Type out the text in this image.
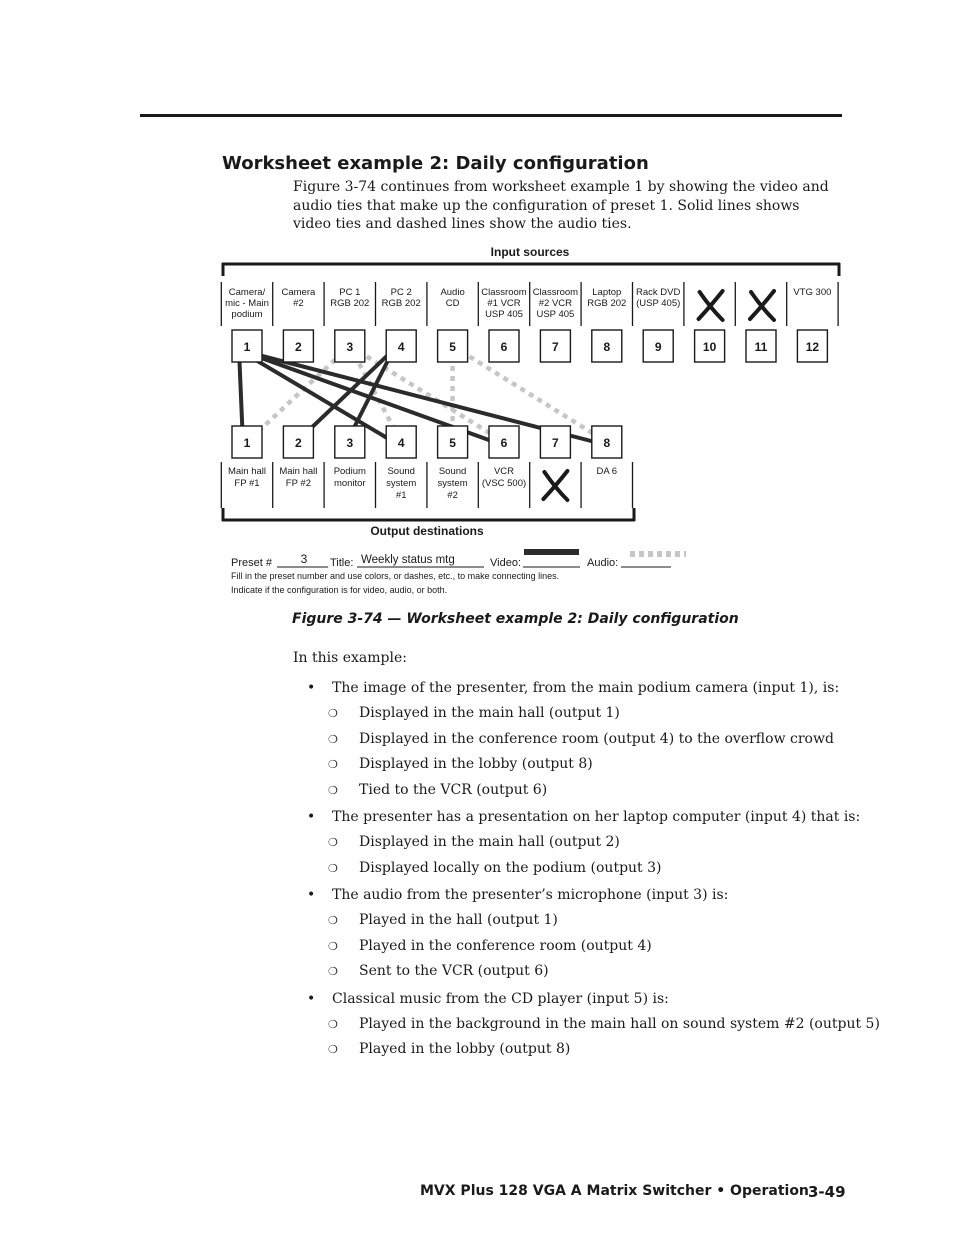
Worksheet example 2: Daily configuration
Figure 3-74 continues from worksheet example 1 by showing the video and audio ties that make up the configuration of preset 1. Solid lines shows video ties and dashed lines show the audio ties.
Input sources
Camera/
mic - Main
podium
Camera
#2
PC 1
RGB 202
PC 2
RGB 202
Audio
CD
Classroom
#1 VCR
USP 405
Classroom
#2 VCR
USP 405
Laptop
RGB 202
Rack DVD
(USP 405)
VTG 300
Main hall
FP #1
Main hall
FP #2
Podium
monitor
Sound
system
#1
Sound
system
#2
VCR
(VSC 500)
DA 6
Output destinations
Preset # 3 Title: Weekly status mtg	Video:	Audio:
Fill in the preset number and use colors, or dashes, etc., to make connecting lines.
Indicate if the configuration is for video, audio, or both.
1	2	3	4	5	6	7	8	9	10	11	12
1	2	3	4	5	6	7	8
Figure 3-74 — Worksheet example 2: Daily configuration
In this example:
• The image of the presenter, from the main podium camera (input 1), is:
❍ Displayed in the main hall (output 1)
❍ Displayed in the conference room (output 4) to the overflow crowd
❍ Displayed in the lobby (output 8)
❍ Tied to the VCR (output 6)
• The presenter has a presentation on her laptop computer (input 4) that is:
❍ Displayed in the main hall (output 2)
❍ Displayed locally on the podium (output 3)
• The audio from the presenter’s microphone (input 3) is:
❍ Played in the hall (output 1)
❍ Played in the conference room (output 4)
❍ Sent to the VCR (output 6)
• Classical music from the CD player (input 5) is:
❍ Played in the background in the main hall on sound system #2 (output 5)
❍ Played in the lobby (output 8)
MVX Plus 128 VGA A Matrix Switcher • Operation 3-49
